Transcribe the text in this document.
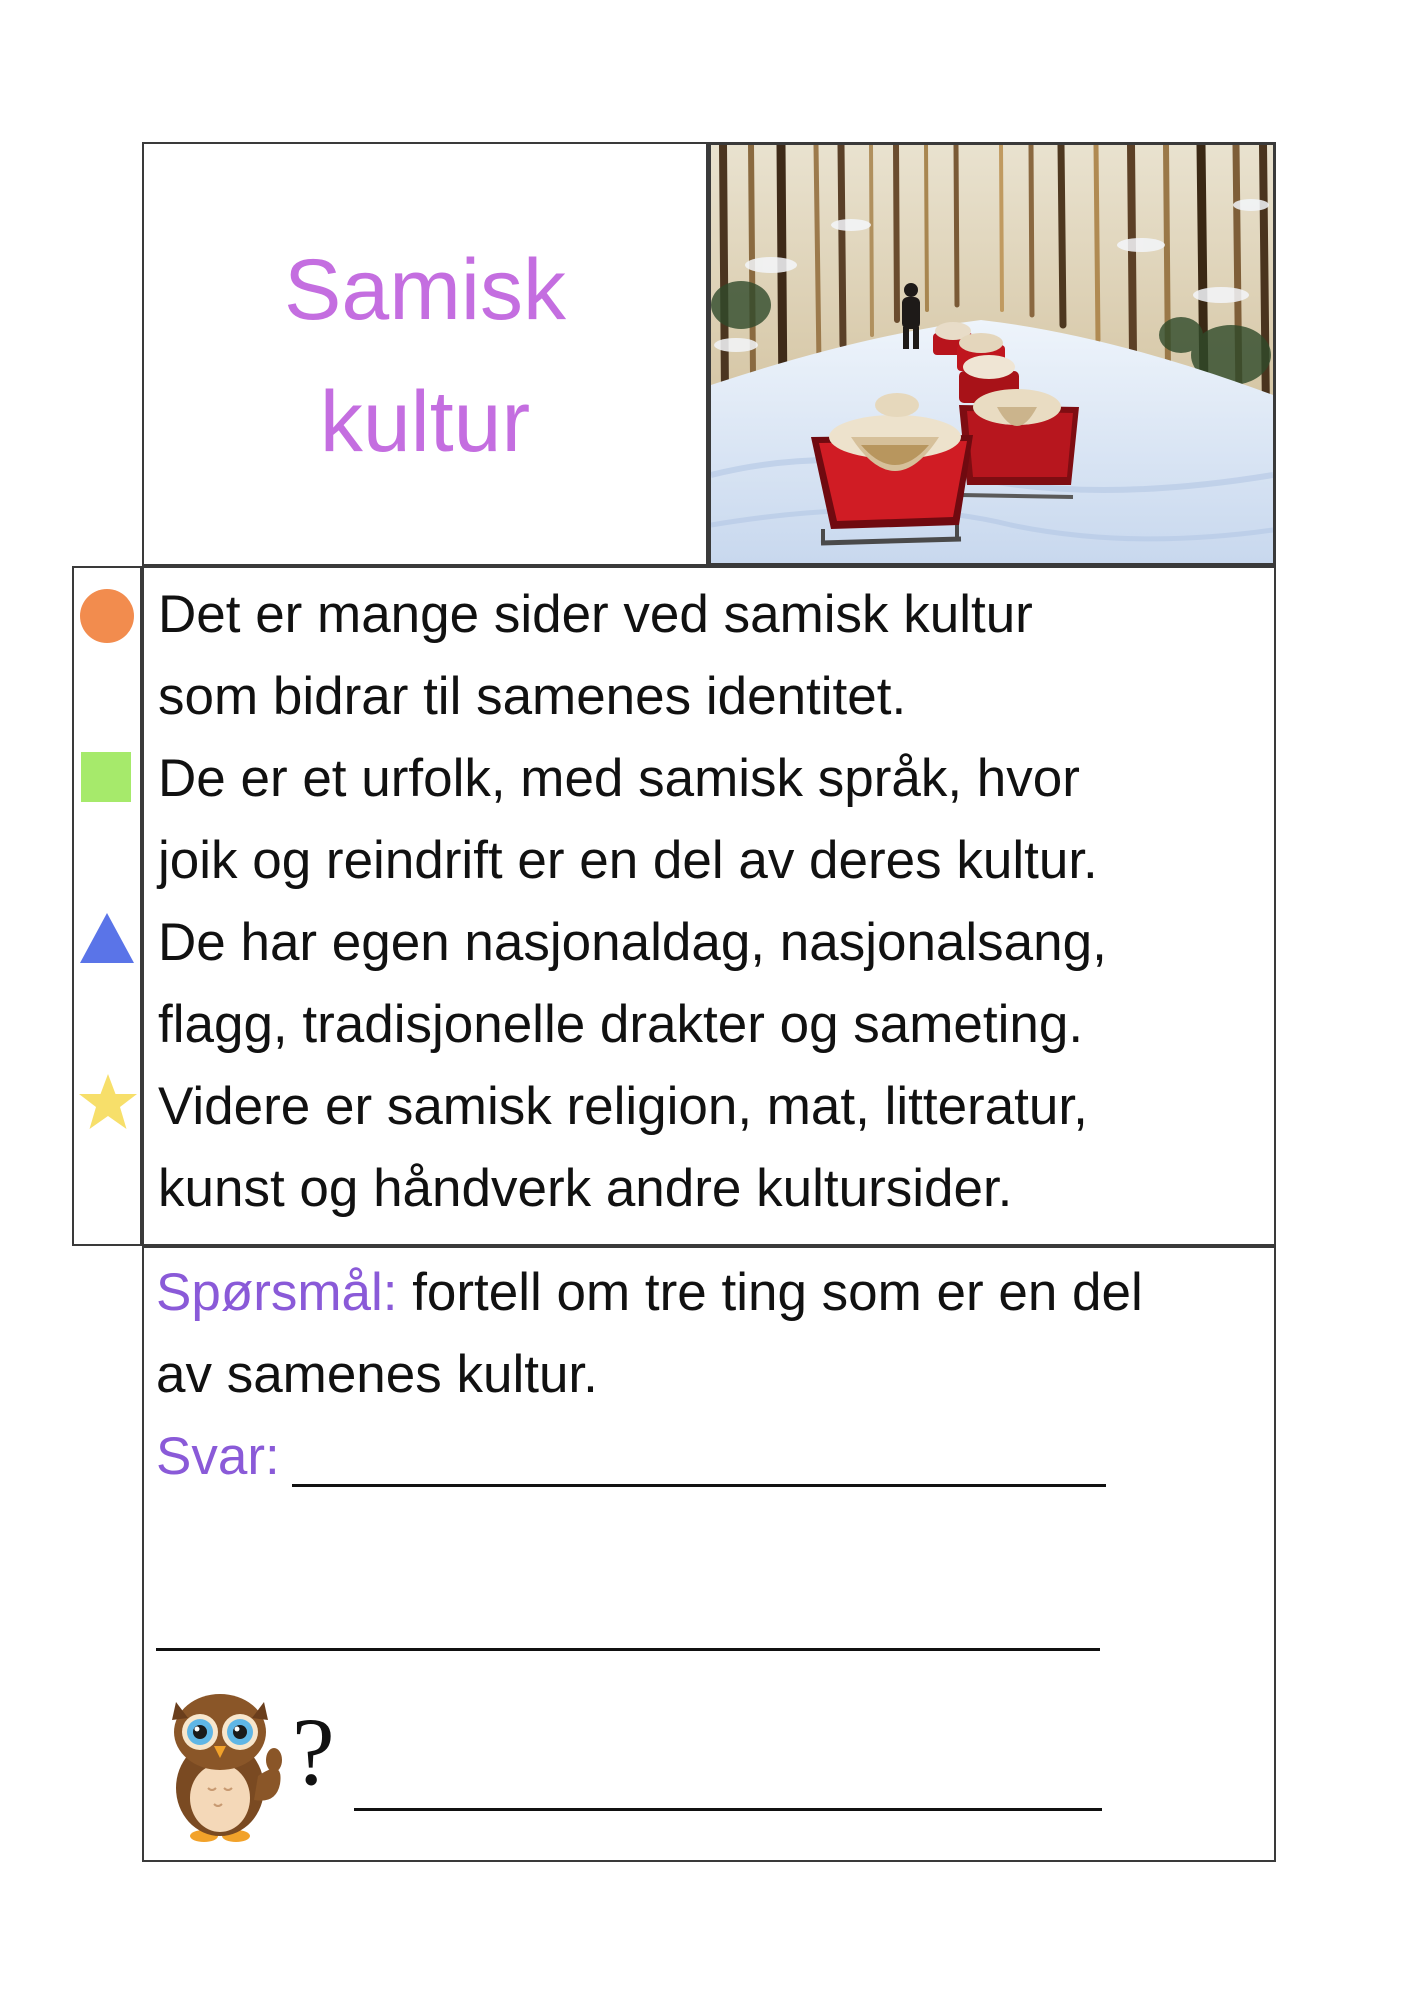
Samisk
kultur
Det er mange sider ved samisk kultur
som bidrar til samenes identitet.
De er et urfolk, med samisk språk, hvor
joik og reindrift er en del av deres kultur.
De har egen nasjonaldag, nasjonalsang,
flagg, tradisjonelle drakter og sameting.
Videre er samisk religion, mat, litteratur,
kunst og håndverk andre kultursider.
Spørsmål: fortell om tre ting som er en del
av samenes kultur.
Svar:
?
